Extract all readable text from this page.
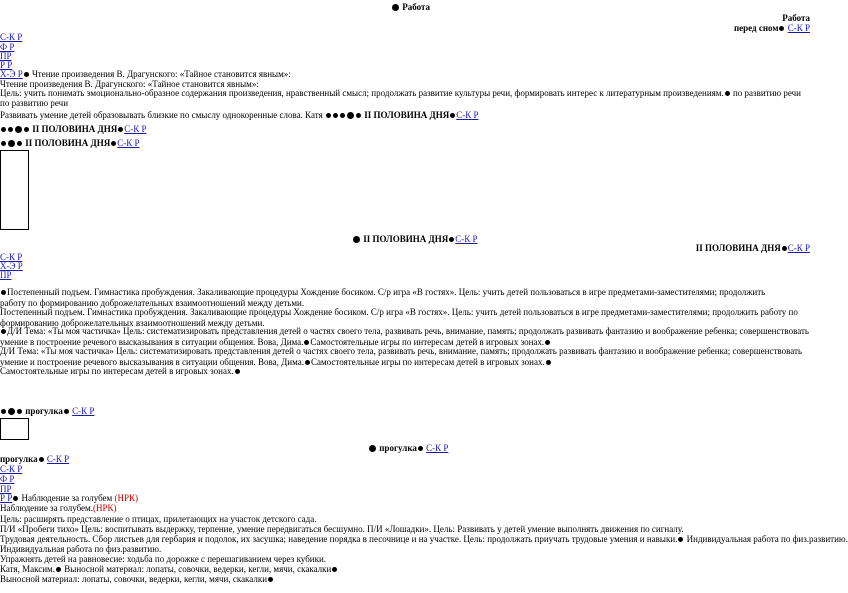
Работа
Работа
перед сном С-К Р
С-К Р
Ф Р
ПР
Р Р
Х-Э Р Чтение произведения В. Драгунского: «Тайное становится явным»:
Чтение произведения В. Драгунского: «Тайное становится явным»:
Цель: учить понимать эмоционально-образное содержания произведения, нравственный смысл; продолжать развитие культуры речи, формировать интерес к литературным произведениям. по развитию речи
по развитию речи
Развивать умение детей образовывать близкие по смыслу однокоренные слова. Катя	II ПОЛОВИНА ДНЯ С-К Р
II ПОЛОВИНА ДНЯ С-К Р
II ПОЛОВИНА ДНЯ С-К Р
II ПОЛОВИНА ДНЯ С-К Р
II ПОЛОВИНА ДНЯ С-К Р
С-К Р
Х-Э Р
ПР
Постепенный подъем. Гимнастика пробуждения. Закаливающие процедуры Хождение босиком. С/р игра «В гостях». Цель: учить детей пользоваться в игре предметами-заместителями; продолжить работу по формированию доброжелательных взаимоотношений между детьми.
Постепенный подъем. Гимнастика пробуждения. Закаливающие процедуры Хождение босиком. С/р игра «В гостях». Цель: учить детей пользоваться в игре предметами-заместителями; продолжить работу по формированию доброжелательных взаимоотношений между детьми.
Д/И Тема: «Ты моя частичка» Цель: систематизировать представления детей о частях своего тела, развивать речь, внимание, память; продолжать развивать фантазию и воображение ребенка; совершенствовать умение в построение речевого высказывания в ситуации общения. Вова, Дима. Самостоятельные игры по интересам детей в игровых зонах.
Д/И Тема: «Ты моя частичка» Цель: систематизировать представления детей о частях своего тела, развивать речь, внимание, память; продолжать развивать фантазию и воображение ребенка; совершенствовать умение и построение речевого высказывания в ситуации общения. Вова, Дима. Самостоятельные игры по интересам детей в игровых зонах.
Самостоятельные игры по интересам детей в игровых зонах.
прогулка С-К Р
прогулка С-К Р
прогулка С-К Р
С-К Р
Ф Р
ПР
Р Р Наблюдение за голубем (НРК)
Наблюдение за голубем.(НРК)
Цель: расширять представление о птицах, прилетающих на участок детского сада.
П/И «Пробеги тихо» Цель: воспитывать выдержку, терпение, умение передвигаться бесшумно. П/И «Лошадки». Цель: Развивать у детей умение выполнять движения по сигналу.
Трудовая деятельность. Сбор листьев для гербария и подолок, их засушка; наведение порядка в песочнице и на участке. Цель: продолжать приучать трудовые умения и навыки. Индивидуальная работа по физ.развитию.
Индивидуальная работа по физ.развитию.
Упражнять детей на равновесие: ходьба по дорожке с перешагиванием через кубики.
Катя, Максим. Выносной материал: лопаты, совочки, ведерки, кегли, мячи, скакалки
Выносной материал: лопаты, совочки, ведерки, кегли, мячи, скакалки
